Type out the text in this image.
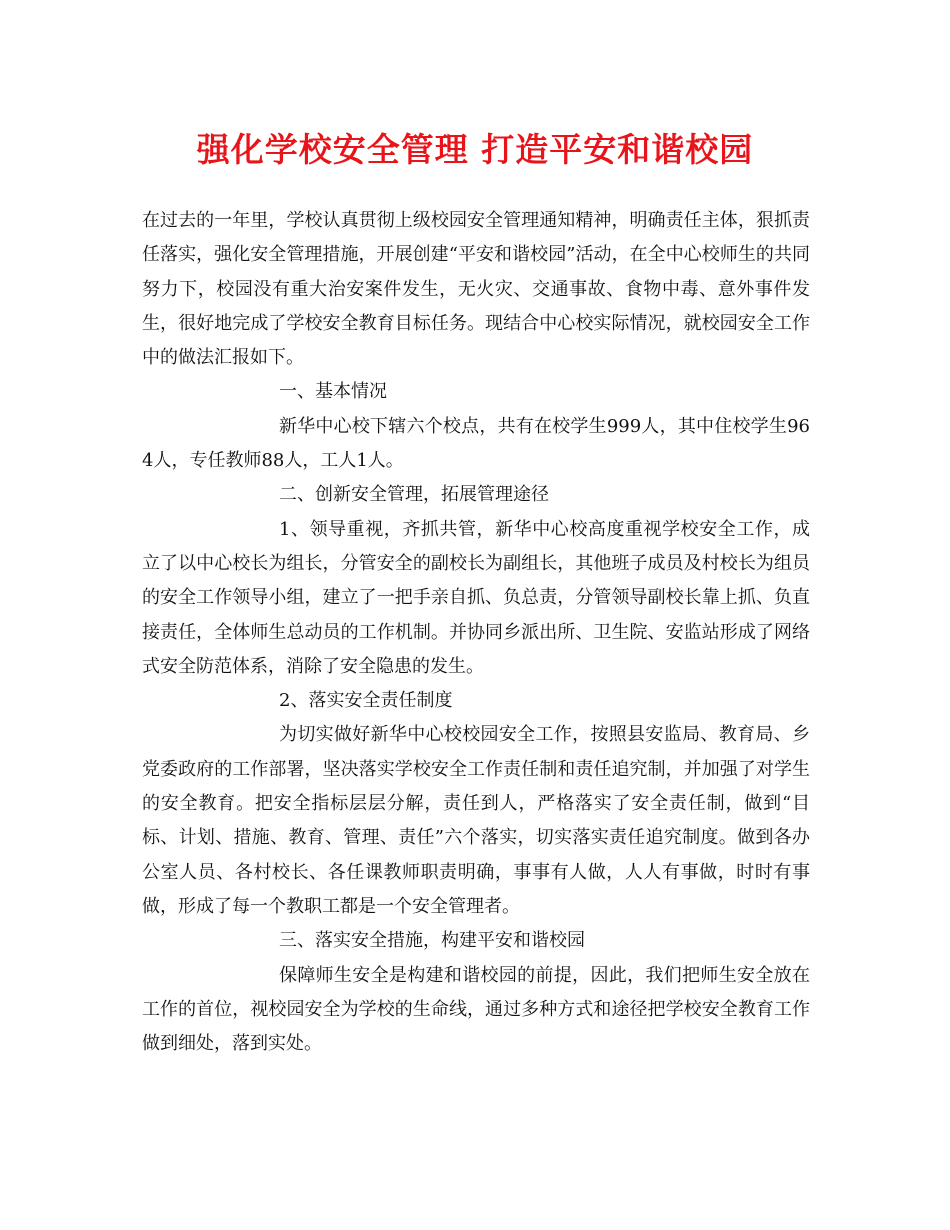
强化学校安全管理 打造平安和谐校园

在过去的一年里，学校认真贯彻上级校园安全管理通知精神，明确责任主体，狠抓责任落实，强化安全管理措施，开展创建“平安和谐校园”活动，在全中心校师生的共同努力下，校园没有重大治安案件发生，无火灾、交通事故、食物中毒、意外事件发生，很好地完成了学校安全教育目标任务。现结合中心校实际情况，就校园安全工作中的做法汇报如下。

一、基本情况

新华中心校下辖六个校点，共有在校学生999人，其中住校学生964人，专任教师88人，工人1人。

二、创新安全管理，拓展管理途径

1、领导重视，齐抓共管，新华中心校高度重视学校安全工作，成立了以中心校长为组长，分管安全的副校长为副组长，其他班子成员及村校长为组员的安全工作领导小组，建立了一把手亲自抓、负总责，分管领导副校长靠上抓、负直接责任，全体师生总动员的工作机制。并协同乡派出所、卫生院、安监站形成了网络式安全防范体系，消除了安全隐患的发生。

2、落实安全责任制度

为切实做好新华中心校校园安全工作，按照县安监局、教育局、乡党委政府的工作部署，坚决落实学校安全工作责任制和责任追究制，并加强了对学生的安全教育。把安全指标层层分解，责任到人，严格落实了安全责任制，做到“目标、计划、措施、教育、管理、责任”六个落实，切实落实责任追究制度。做到各办公室人员、各村校长、各任课教师职责明确，事事有人做，人人有事做，时时有事做，形成了每一个教职工都是一个安全管理者。

三、落实安全措施，构建平安和谐校园

保障师生安全是构建和谐校园的前提，因此，我们把师生安全放在工作的首位，视校园安全为学校的生命线，通过多种方式和途径把学校安全教育工作做到细处，落到实处。
